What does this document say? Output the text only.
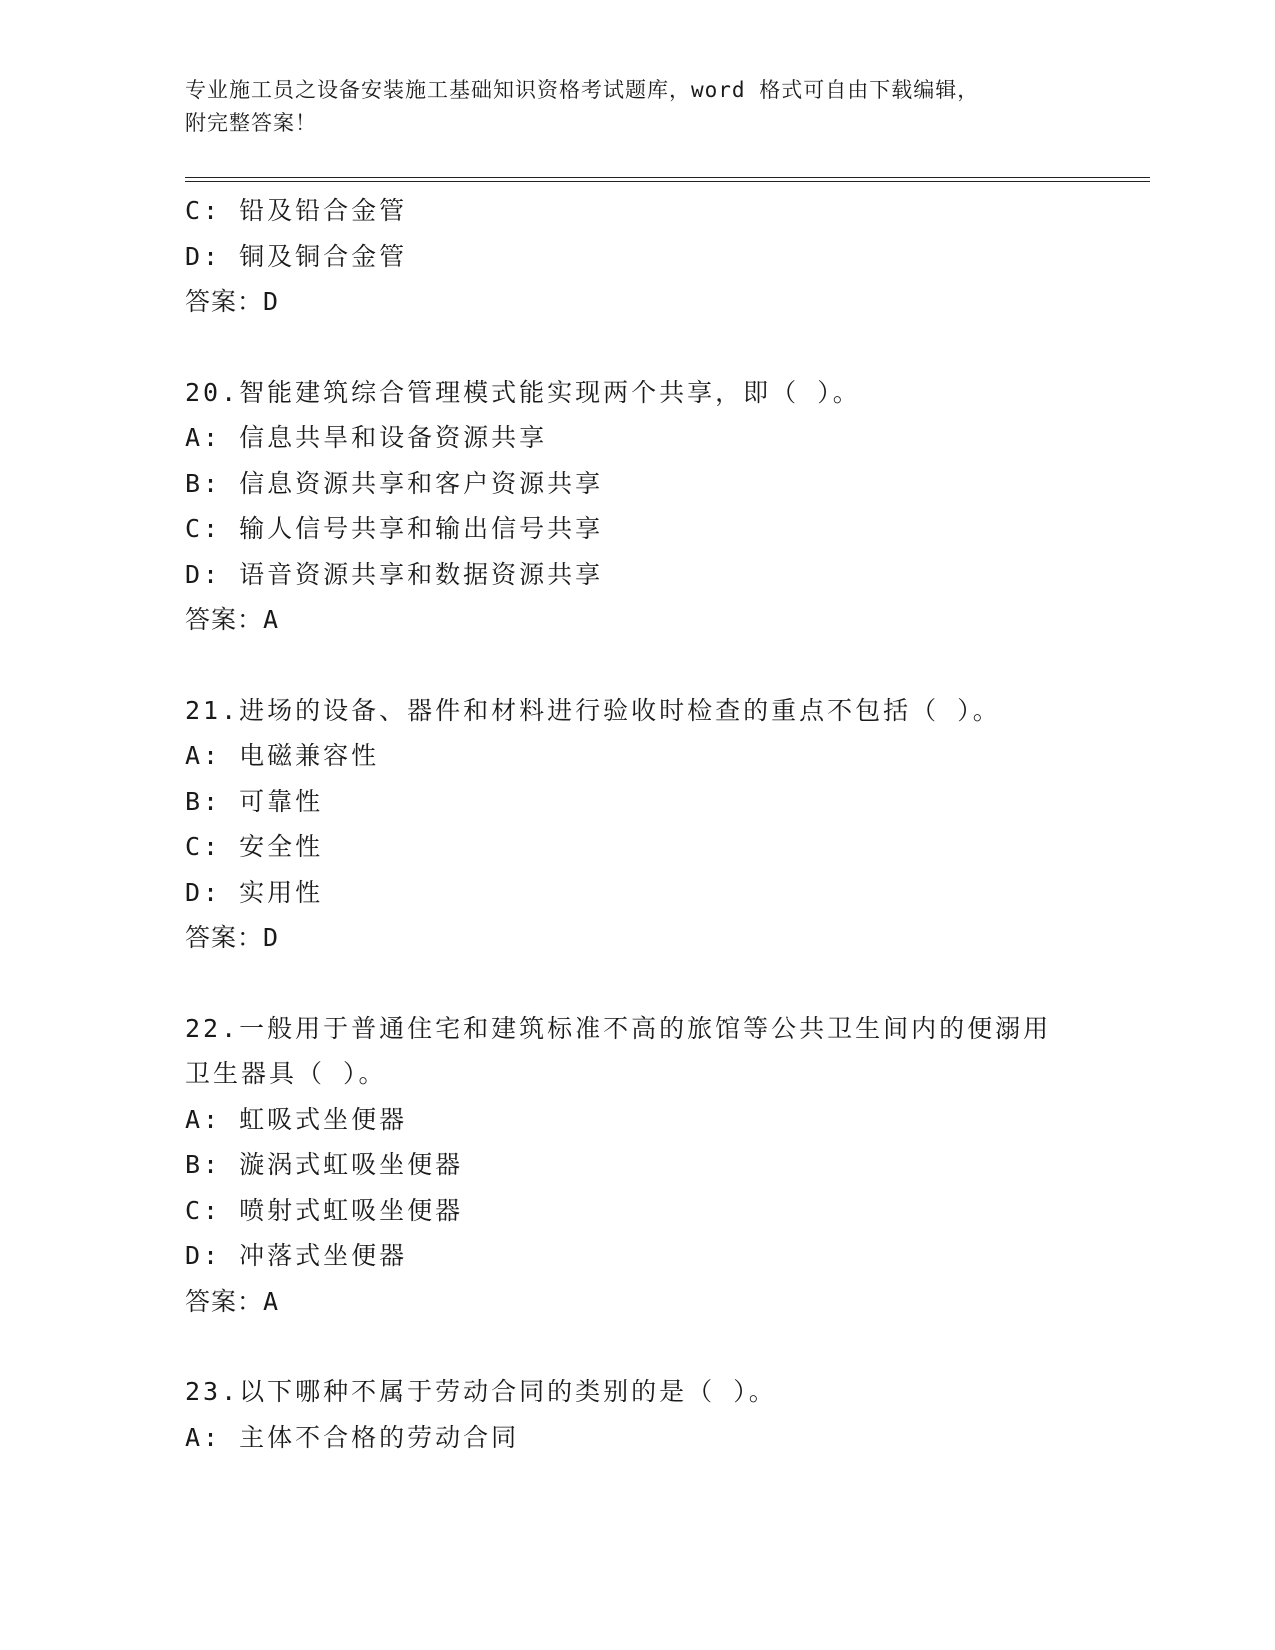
专业施工员之设备安装施工基础知识资格考试题库，word 格式可自由下载编辑，
附完整答案！
C: 铅及铅合金管
D: 铜及铜合金管
答案：D
20.智能建筑综合管理模式能实现两个共享，即（ ）。
A: 信息共旱和设备资源共享
B: 信息资源共享和客户资源共享
C: 输人信号共享和输出信号共享
D: 语音资源共享和数据资源共享
答案：A
21.进场的设备、器件和材料进行验收时检查的重点不包括（ ）。
A: 电磁兼容性
B: 可靠性
C: 安全性
D: 实用性
答案：D
22.一般用于普通住宅和建筑标准不高的旅馆等公共卫生间内的便溺用
卫生器具（ ）。
A: 虹吸式坐便器
B: 漩涡式虹吸坐便器
C: 喷射式虹吸坐便器
D: 冲落式坐便器
答案：A
23.以下哪种不属于劳动合同的类别的是（ ）。
A: 主体不合格的劳动合同
